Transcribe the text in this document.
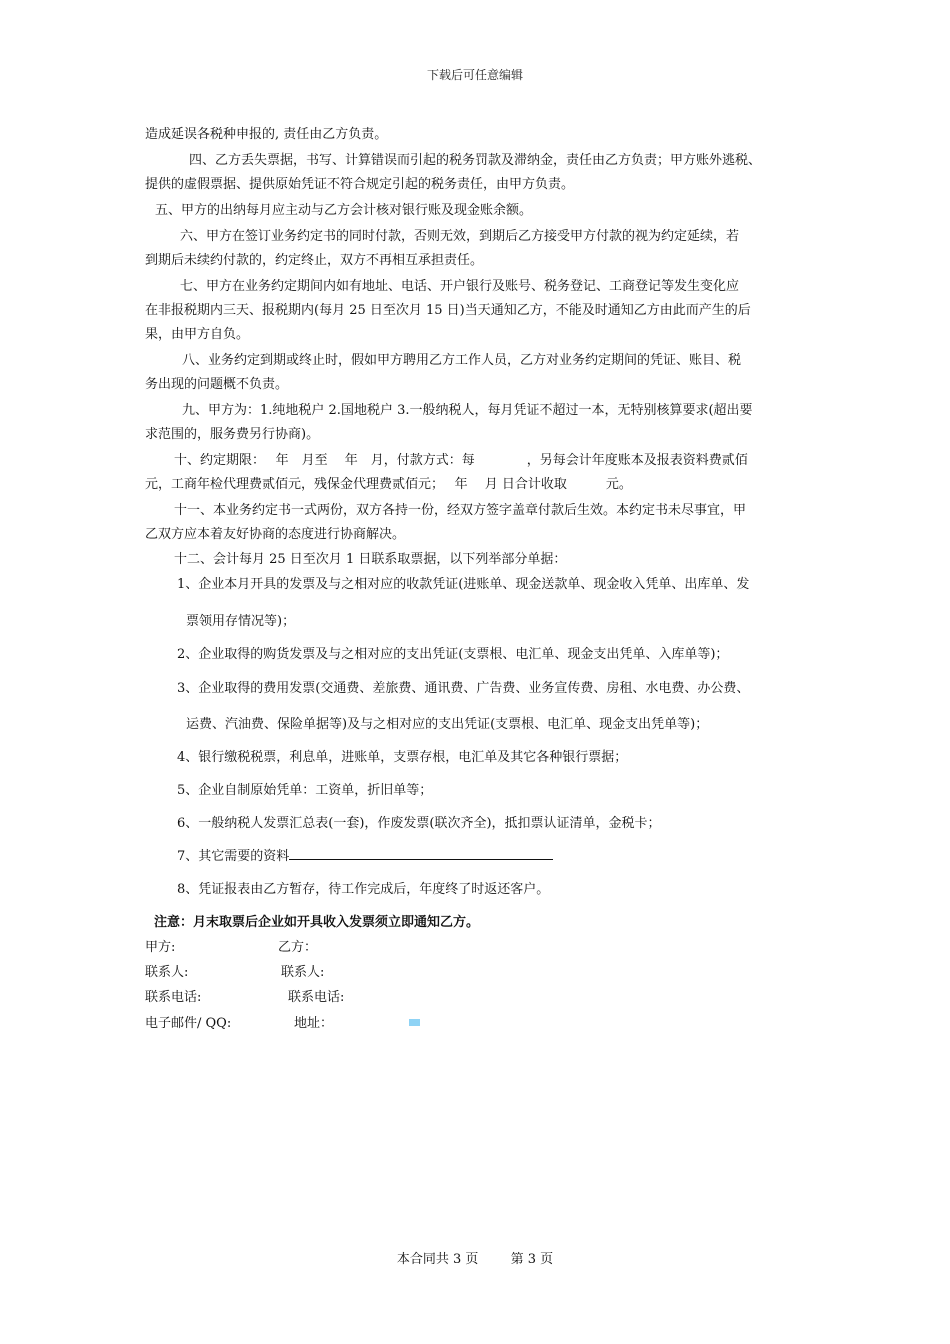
下载后可任意编辑
造成延误各税种申报的, 责任由乙方负责。
四、乙方丢失票据，书写、计算错误而引起的税务罚款及滞纳金，责任由乙方负责；甲方账外逃税、
提供的虚假票据、提供原始凭证不符合规定引起的税务责任，由甲方负责。
五、甲方的出纳每月应主动与乙方会计核对银行账及现金账余额。
六、甲方在签订业务约定书的同时付款，否则无效，到期后乙方接受甲方付款的视为约定延续，若
到期后未续约付款的，约定终止，双方不再相互承担责任。
七、甲方在业务约定期间内如有地址、电话、开户银行及账号、税务登记、工商登记等发生变化应
在非报税期内三天、报税期内(每月 25 日至次月 15 日)当天通知乙方，不能及时通知乙方由此而产生的后
果，由甲方自负。
八、业务约定到期或终止时，假如甲方聘用乙方工作人员，乙方对业务约定期间的凭证、账目、税
务出现的问题概不负责。
九、甲方为：1.纯地税户 2.国地税户 3.一般纳税人，每月凭证不超过一本，无特别核算要求(超出要
求范围的，服务费另行协商)。
十、约定期限：　 年　月至　 年　月，付款方式：每　　　　，另每会计年度账本及报表资料费贰佰
元，工商年检代理费贰佰元，残保金代理费贰佰元；　 年　 月 日合计收取　　　元。
十一、本业务约定书一式两份，双方各持一份，经双方签字盖章付款后生效。本约定书未尽事宜，甲
乙双方应本着友好协商的态度进行协商解决。
十二、会计每月 25 日至次月 1 日联系取票据，以下列举部分单据：
1、企业本月开具的发票及与之相对应的收款凭证(进账单、现金送款单、现金收入凭单、出库单、发
票领用存情况等)；
2、企业取得的购货发票及与之相对应的支出凭证(支票根、电汇单、现金支出凭单、入库单等)；
3、企业取得的费用发票(交通费、差旅费、通讯费、广告费、业务宣传费、房租、水电费、办公费、
运费、汽油费、保险单据等)及与之相对应的支出凭证(支票根、电汇单、现金支出凭单等)；
4、银行缴税税票，利息单，进账单，支票存根，电汇单及其它各种银行票据；
5、企业自制原始凭单：工资单，折旧单等；
6、一般纳税人发票汇总表(一套)，作废发票(联次齐全)，抵扣票认证清单，金税卡；
7、其它需要的资料
8、凭证报表由乙方暂存，待工作完成后，年度终了时返还客户。
注意：月末取票后企业如开具收入发票须立即通知乙方。
甲方:	乙方：
联系人:	联系人:
联系电话:	联系电话:
电子邮件/ QQ:	地址：
本合同共 3 页 第 3 页
